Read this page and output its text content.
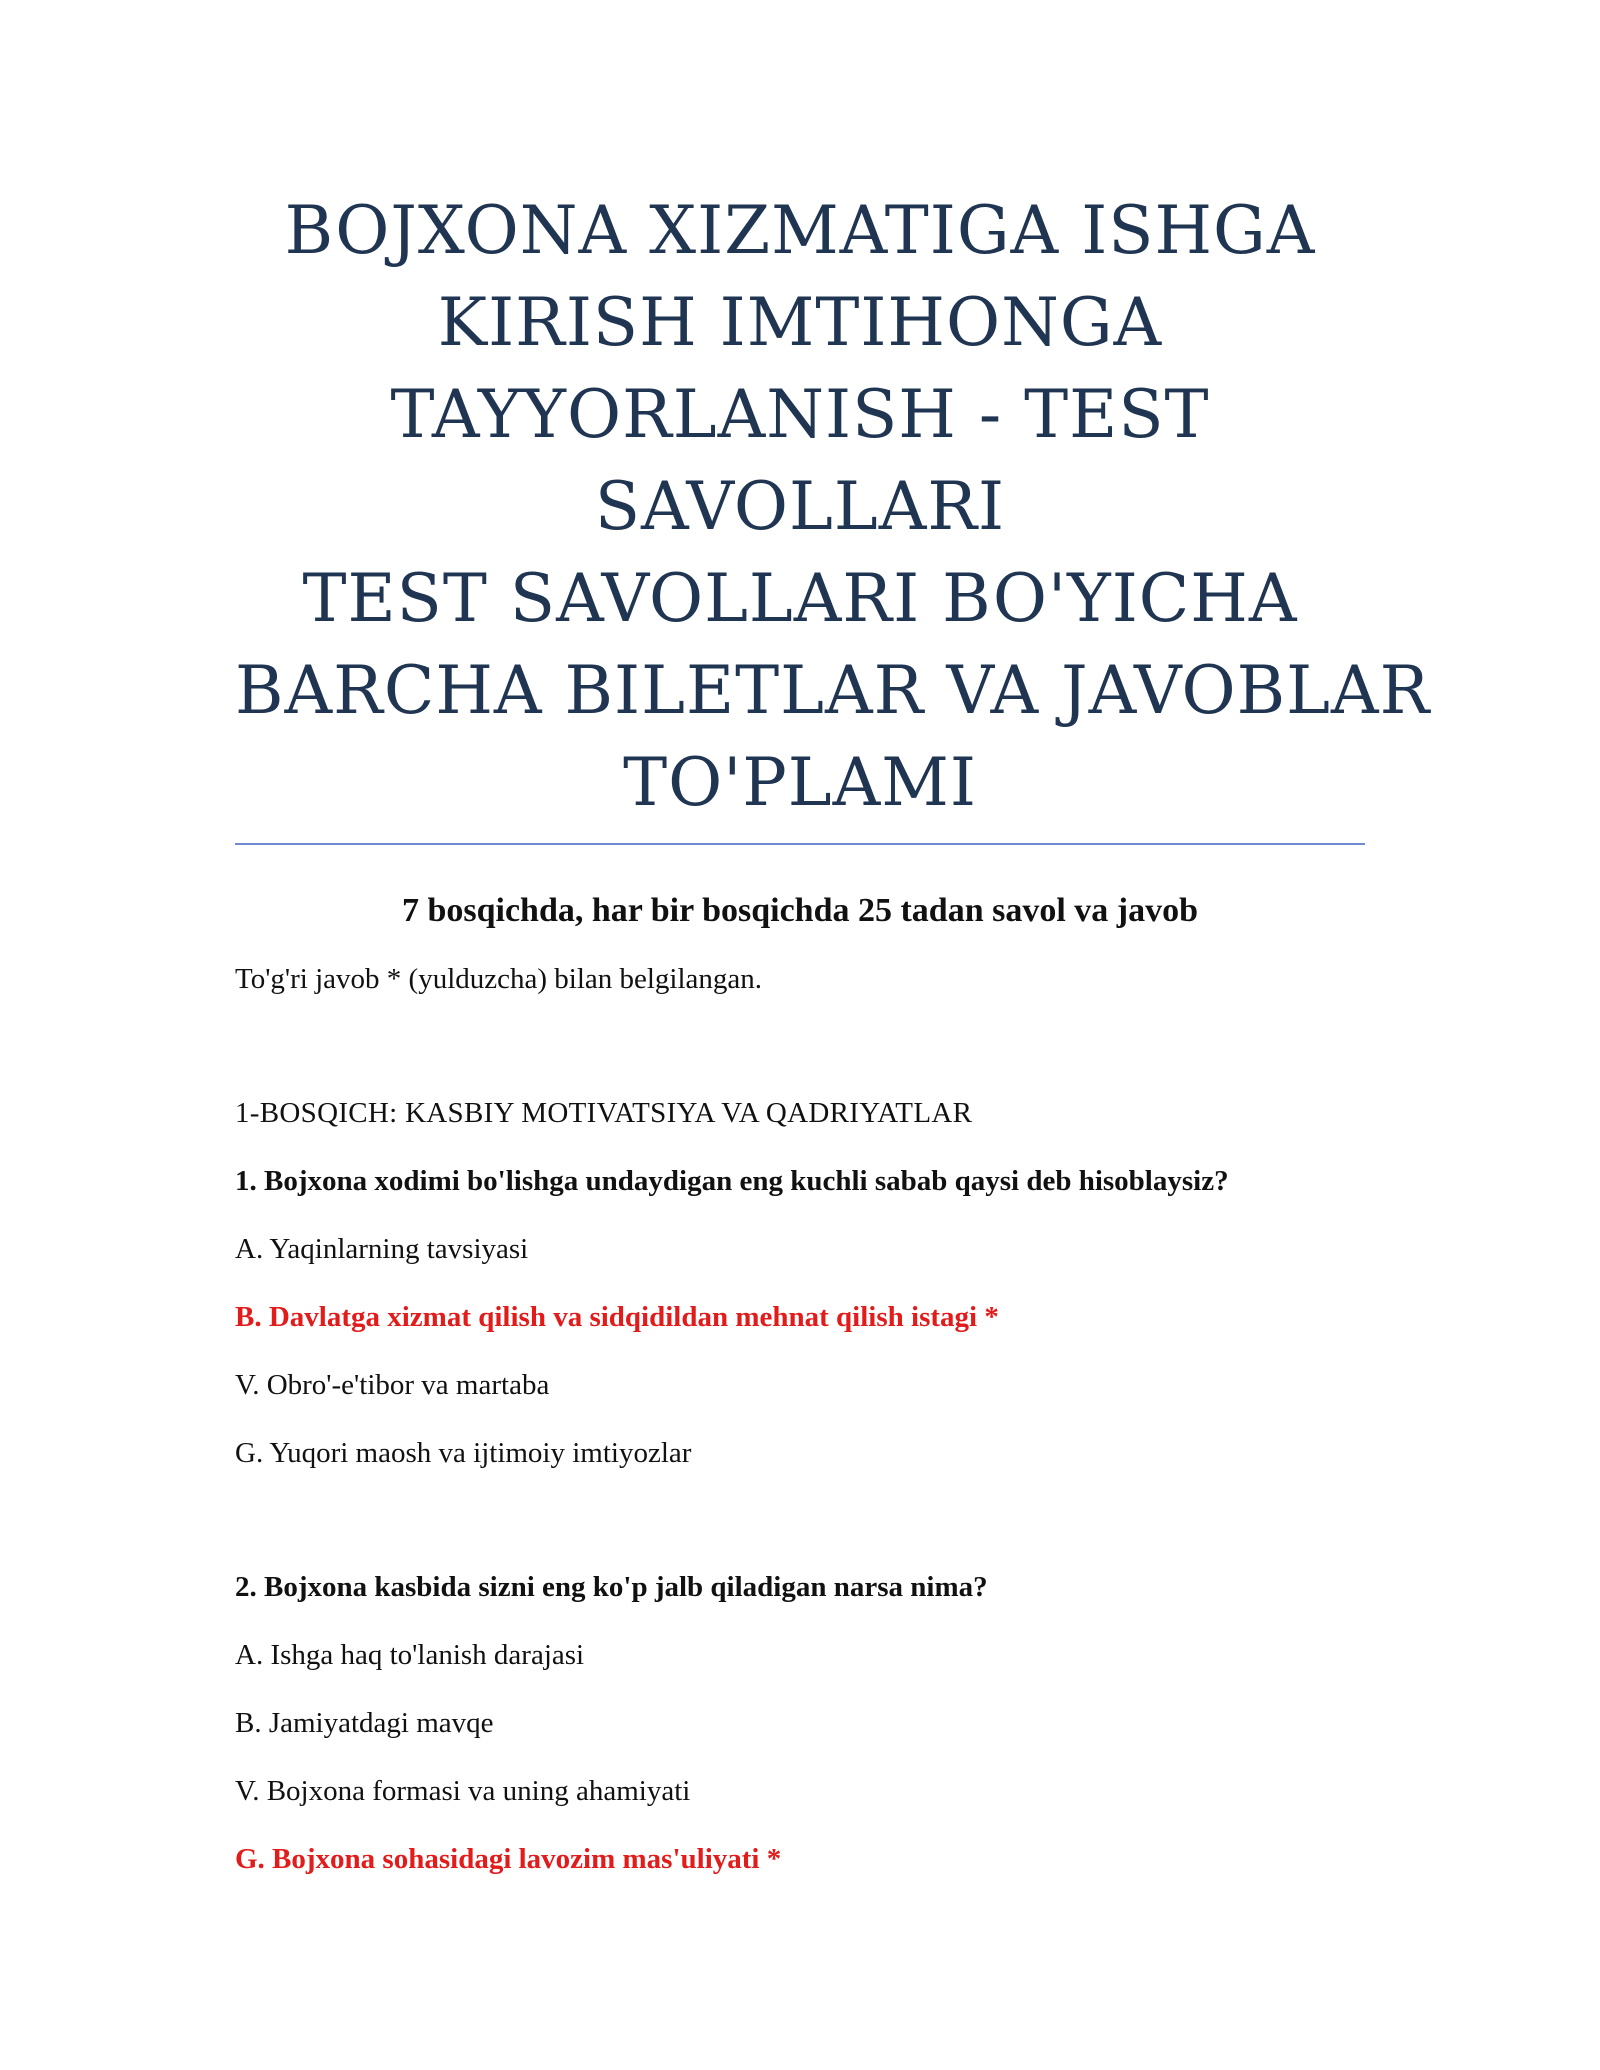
BOJXONA XIZMATIGA ISHGA
KIRISH IMTIHONGA
TAYYORLANISH - TEST
SAVOLLARI
TEST SAVOLLARI BO'YICHA
BARCHA BILETLAR VA JAVOBLAR
TO'PLAMI

7 bosqichda, har bir bosqichda 25 tadan savol va javob

To'g'ri javob * (yulduzcha) bilan belgilangan.

1-BOSQICH: KASBIY MOTIVATSIYA VA QADRIYATLAR

1. Bojxona xodimi bo'lishga undaydigan eng kuchli sabab qaysi deb hisoblaysiz?

A. Yaqinlarning tavsiyasi

B. Davlatga xizmat qilish va sidqidildan mehnat qilish istagi *

V. Obro'-e'tibor va martaba

G. Yuqori maosh va ijtimoiy imtiyozlar

2. Bojxona kasbida sizni eng ko'p jalb qiladigan narsa nima?

A. Ishga haq to'lanish darajasi

B. Jamiyatdagi mavqe

V. Bojxona formasi va uning ahamiyati

G. Bojxona sohasidagi lavozim mas'uliyati *
